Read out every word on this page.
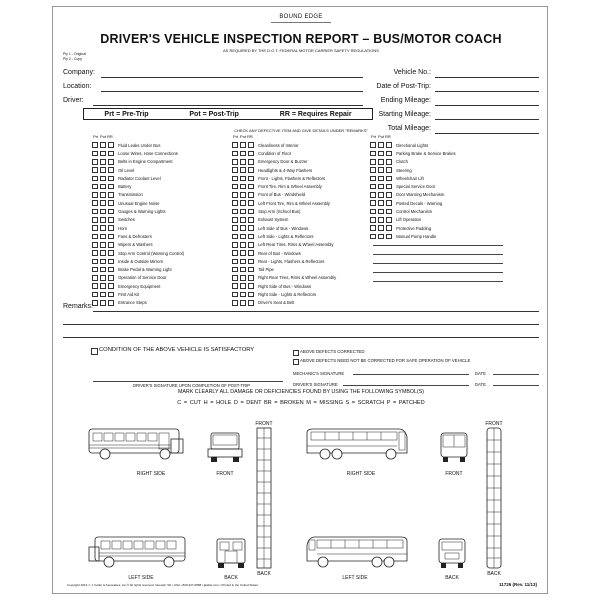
BOUND EDGE
DRIVER'S VEHICLE INSPECTION REPORT – BUS/MOTOR COACH
AS REQUIRED BY THE D.O.T. FEDERAL MOTOR CARRIER SAFETY REGULATIONS
Ply 1 - Original
Ply 2 - Copy
Company:
Location:
Driver:
Vehicle No.:
Date of Post-Trip:
Ending Mileage:
Starting Mileage:
Total Mileage:
Prt = Pre-Trip	Pot = Post-Trip	RR = Requires Repair
CHECK ANY DEFECTIVE ITEM AND GIVE DETAILS UNDER "REMARKS"
Prt Pot RR	Prt Pot RR	Prt Pot RR
Fluid Leaks Under Bus
Loose Wires, Hose Connections
Belts in Engine Compartment
Oil Level
Radiator Coolant Level
Battery
Transmission
Unusual Engine Noise
Gauges & Warning Lights
Switches
Horn
Fans & Defrosters
Wipers & Washers
Stop Arm Control (Warning Control)
Inside & Outside Mirrors
Brake Pedal & Warning Light
Operation of Service Door
Emergency Equipment
First Aid Kit
Entrance Steps
Cleanliness of Interior
Condition of Floor
Emergency Door & Buzzer
Headlights & 4-Way Flashers
Front - Lights, Flashers & Reflectors
Front Tire, Rim & Wheel Assembly
Front of Bus - Windshield
Left Front Tire, Rim & Wheel Assembly
Stop Arm (School Bus)
Exhaust System
Left Side of Bus - Windows
Left Side - Lights & Reflectors
Left Rear Tires, Rims & Wheel Assembly
Rear of Bus - Windows
Rear - Lights, Flashers & Reflectors
Tail Pipe
Right Rear Tires, Rims & Wheel Assembly
Right Side of Bus - Windows
Right Side - Lights & Reflectors
Driver's Seat & Belt
Directional Lights
Parking Brake & Service Brakes
Clutch
Steering
Wheelchair Lift
Special Service Door
Door Warning Mechanism
Posted Decals - Warning
Control Mechanism
Lift Operation
Protective Padding
Manual Pump Handle
Remarks:
CONDITION OF THE ABOVE VEHICLE IS SATISFACTORY	ABOVE DEFECTS CORRECTED
ABOVE DEFECTS NEED NOT BE CORRECTED FOR SAFE OPERATION OF VEHICLE
MECHANIC'S SIGNATURE	DATE
DRIVER'S SIGNATURE UPON COMPLETION OF POST-TRIP	DRIVER'S SIGNATURE	DATE
MARK CLEARLY ALL DAMAGE OR DEFICIENCIES FOUND BY USING THE FOLLOWING SYMBOL(S)
C = CUT H = HOLE D = DENT BR = BROKEN M = MISSING S = SCRATCH P = PATCHED
RIGHT SIDE	FRONT
FRONT
BACK
RIGHT SIDE	FRONT
FRONT
BACK
LEFT SIDE	BACK	LEFT SIDE	BACK
Copyright 2013 J. J. Keller & Associates, Inc.® All rights reserved. Neenah, WI • USA • 800-327-6868 • jjkeller.com • Printed in the United States	11726 (Rev. 11/13)
